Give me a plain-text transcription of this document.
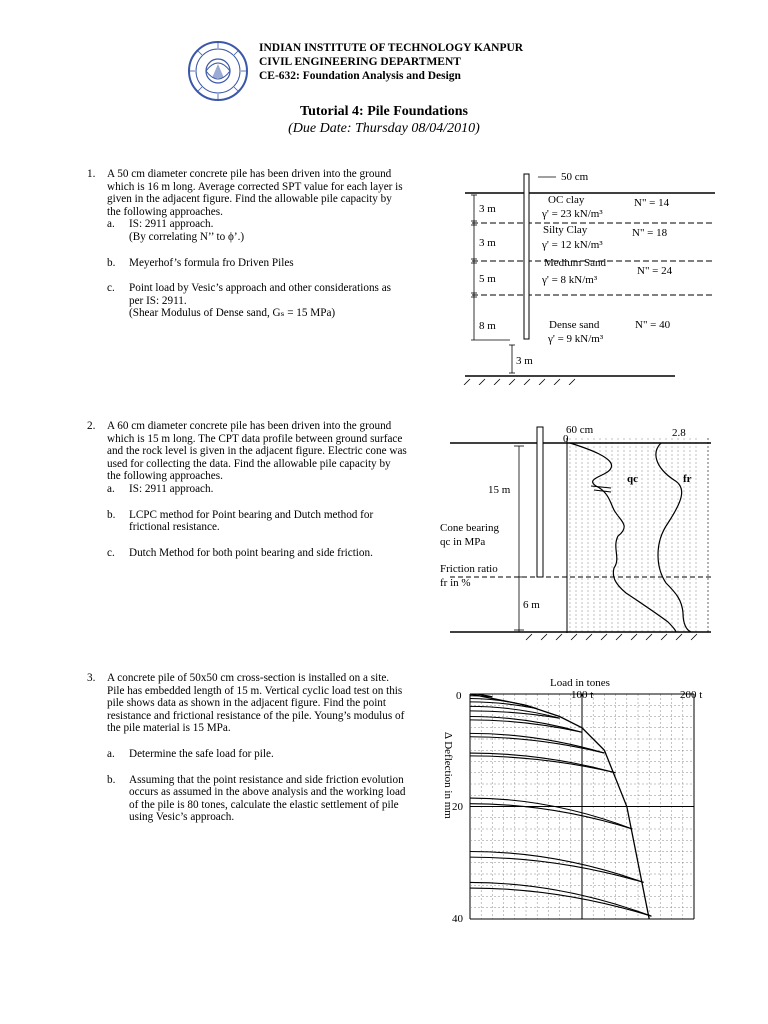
INDIAN INSTITUTE OF TECHNOLOGY KANPUR
CIVIL ENGINEERING DEPARTMENT
CE-632: Foundation Analysis and Design
Tutorial 4: Pile Foundations
(Due Date: Thursday 08/04/2010)
1.	A 50 cm diameter concrete pile has been driven into the ground which is 16 m long. Average corrected SPT value for each layer is given in the adjacent figure. Find the allowable pile capacity by the following approaches.
a. IS: 2911 approach.
(By correlating N’’ to ϕ’.)
b. Meyerhof’s formula fro Driven Piles
c. Point load by Vesic’s approach and other considerations as per IS: 2911.
(Shear Modulus of Dense sand, Gₛ = 15 MPa)
50 cm
3 m
3 m
5 m
8 m
3 m
OC clay
γ' = 23 kN/m³
N" = 14
Silty Clay
γ' = 12 kN/m³
N" = 18
Medium Sand
γ' = 8 kN/m³
N" = 24
Dense sand
γ' = 9 kN/m³
N" = 40
2.	A 60 cm diameter concrete pile has been driven into the ground which is 15 m long. The CPT data profile between ground surface and the rock level is given in the adjacent figure. Electric cone was used for collecting the data. Find the allowable pile capacity by the following approaches.
a. IS: 2911 approach.
b. LCPC method for Point bearing and Dutch method for frictional resistance.
c. Dutch Method for both point bearing and side friction.
60 cm
0	2.8
15 m
6 m
qc	fr
Cone bearing
qc in MPa
Friction ratio
fr in %
3.	A concrete pile of 50x50 cm cross-section is installed on a site. Pile has embedded length of 15 m. Vertical cyclic load test on this pile shows data as shown in the adjacent figure. Find the point resistance and frictional resistance of the pile. Young’s modulus of the pile material is 15 MPa.
a. Determine the safe load for pile.
b. Assuming that the point resistance and side friction evolution occurs as assumed in the above analysis and the working load of the pile is 80 tones, calculate the elastic settlement of pile using Vesic’s approach.
Load in tones
0	100 t	200 t
20
40
Δ Deflection in mm
